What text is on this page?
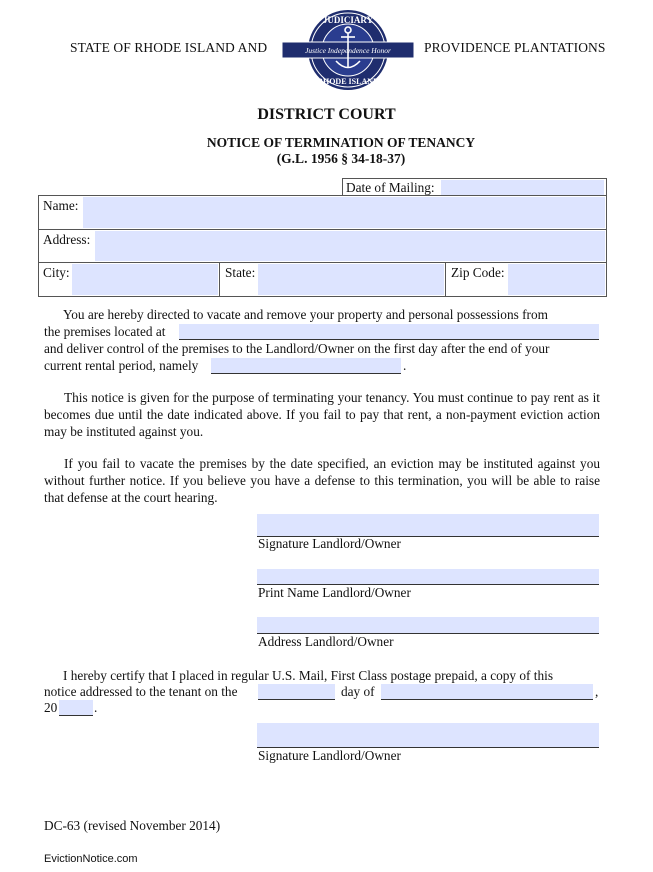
STATE OF RHODE ISLAND AND	PROVIDENCE PLANTATIONS
JUDICIARY
Justice Independence Honor
RHODE ISLAND
DISTRICT COURT
NOTICE OF TERMINATION OF TENANCY
(G.L. 1956 § 34-18-37)
Date of Mailing:
Name:
Address:
City:	State:	Zip Code:
You are hereby directed to vacate and remove your property and personal possessions from
the premises located at
and deliver control of the premises to the Landlord/Owner on the first day after the end of your
current rental period, namely	.
This notice is given for the purpose of terminating your tenancy. You must continue to pay rent as it becomes due until the date indicated above. If you fail to pay that rent, a non-payment eviction action may be instituted against you.
If you fail to vacate the premises by the date specified, an eviction may be instituted against you without further notice. If you believe you have a defense to this termination, you will be able to raise that defense at the court hearing.
Signature Landlord/Owner
Print Name Landlord/Owner
Address Landlord/Owner
I hereby certify that I placed in regular U.S. Mail, First Class postage prepaid, a copy of this
notice addressed to the tenant on the	day of	,
20	.
Signature Landlord/Owner
DC-63 (revised November 2014)
EvictionNotice.com
